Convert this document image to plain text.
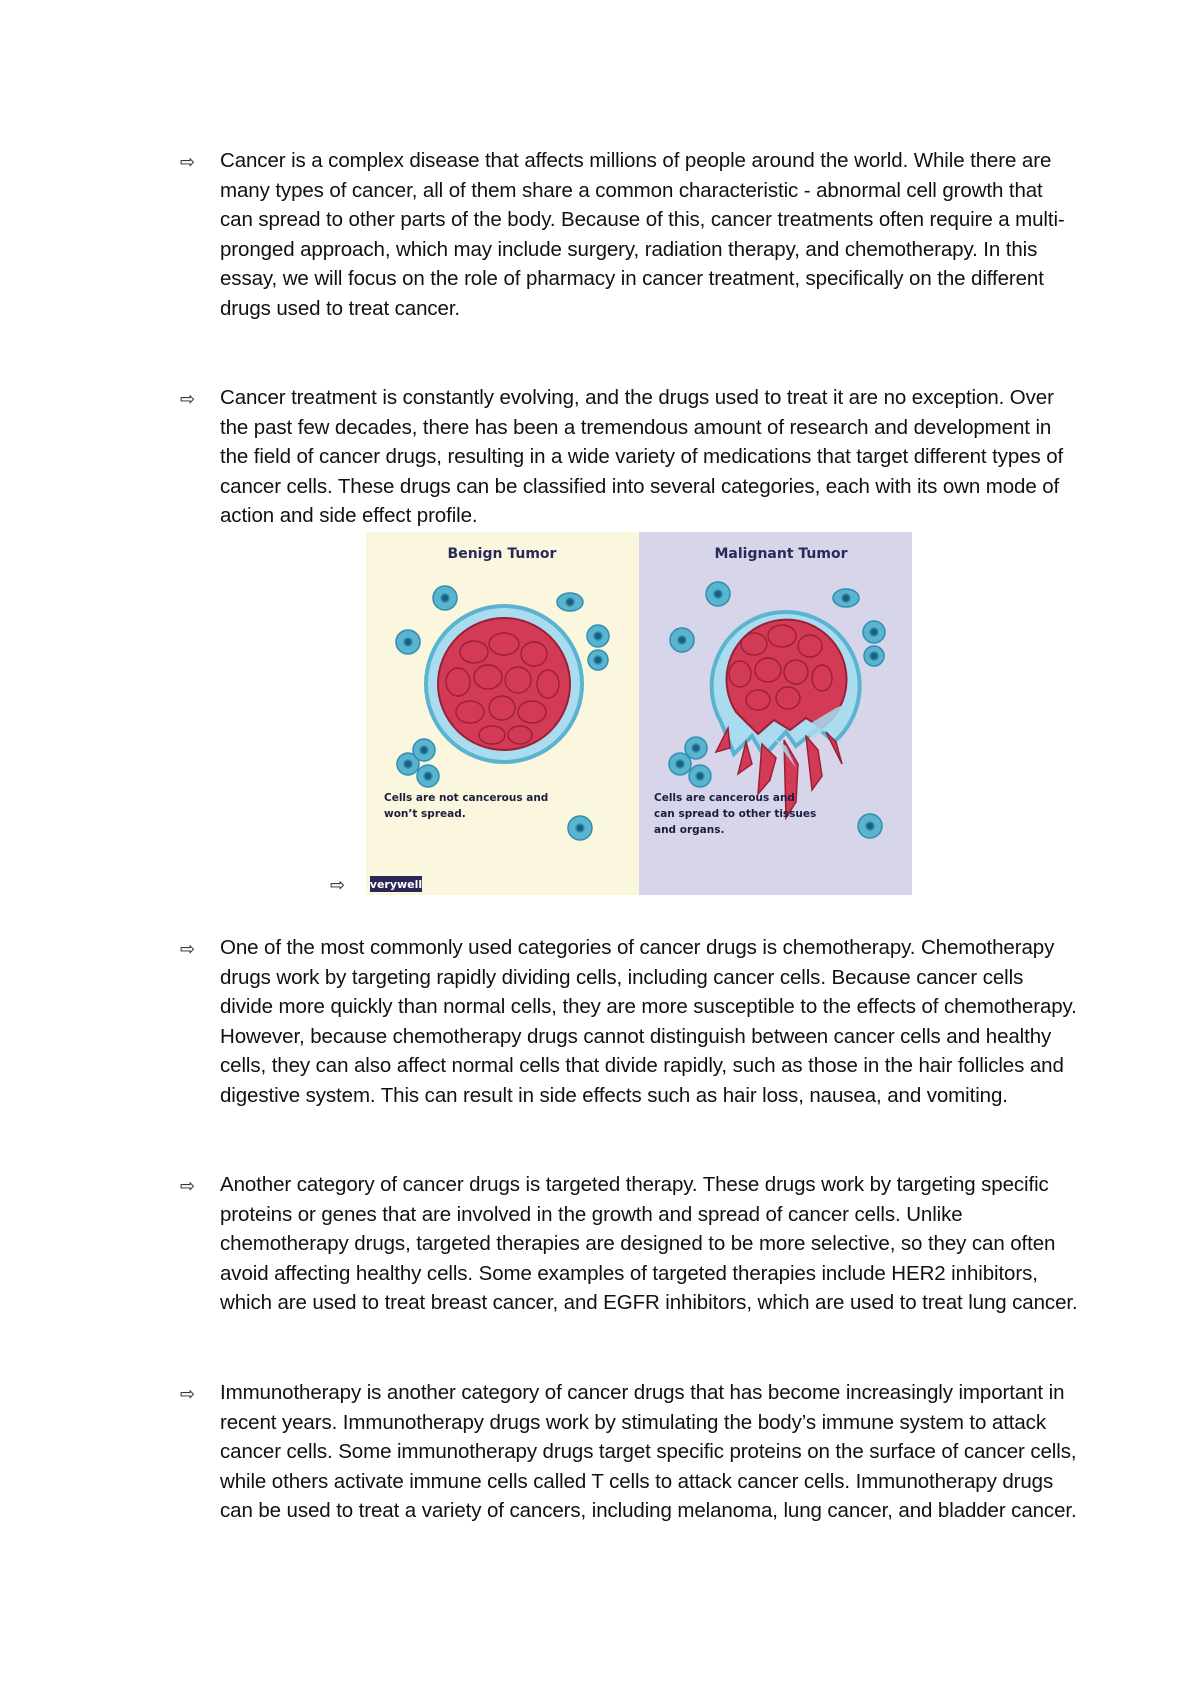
⇨ Cancer is a complex disease that affects millions of people around the world. While there are many types of cancer, all of them share a common characteristic - abnormal cell growth that can spread to other parts of the body. Because of this, cancer treatments often require a multi-pronged approach, which may include surgery, radiation therapy, and chemotherapy. In this essay, we will focus on the role of pharmacy in cancer treatment, specifically on the different drugs used to treat cancer.
⇨ Cancer treatment is constantly evolving, and the drugs used to treat it are no exception. Over the past few decades, there has been a tremendous amount of research and development in the field of cancer drugs, resulting in a wide variety of medications that target different types of cancer cells. These drugs can be classified into several categories, each with its own mode of action and side effect profile.
Benign Tumor	Malignant Tumor
Cells are not cancerous and
won’t spread.
Cells are cancerous and
can spread to other tissues
and organs.
verywell
⇨
⇨ One of the most commonly used categories of cancer drugs is chemotherapy. Chemotherapy drugs work by targeting rapidly dividing cells, including cancer cells. Because cancer cells divide more quickly than normal cells, they are more susceptible to the effects of chemotherapy. However, because chemotherapy drugs cannot distinguish between cancer cells and healthy cells, they can also affect normal cells that divide rapidly, such as those in the hair follicles and digestive system. This can result in side effects such as hair loss, nausea, and vomiting.
⇨ Another category of cancer drugs is targeted therapy. These drugs work by targeting specific proteins or genes that are involved in the growth and spread of cancer cells. Unlike chemotherapy drugs, targeted therapies are designed to be more selective, so they can often avoid affecting healthy cells. Some examples of targeted therapies include HER2 inhibitors, which are used to treat breast cancer, and EGFR inhibitors, which are used to treat lung cancer.
⇨ Immunotherapy is another category of cancer drugs that has become increasingly important in recent years. Immunotherapy drugs work by stimulating the body’s immune system to attack cancer cells. Some immunotherapy drugs target specific proteins on the surface of cancer cells, while others activate immune cells called T cells to attack cancer cells. Immunotherapy drugs can be used to treat a variety of cancers, including melanoma, lung cancer, and bladder cancer.
